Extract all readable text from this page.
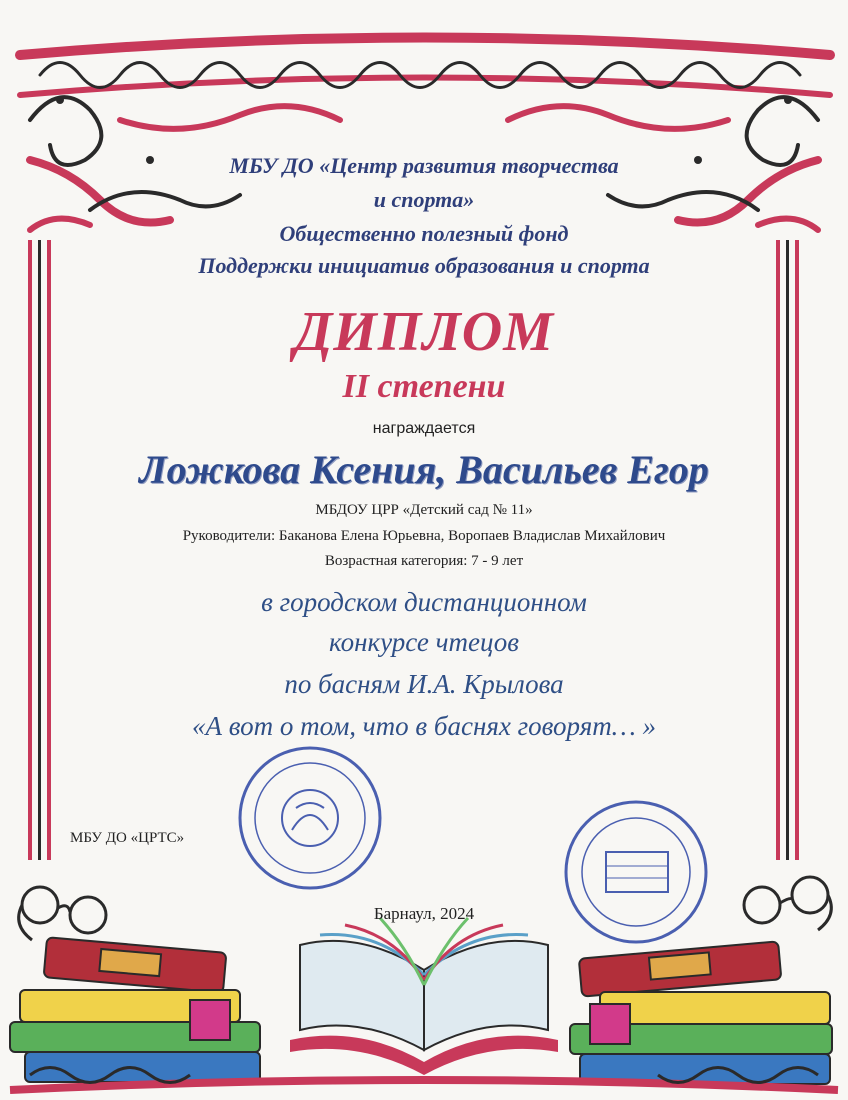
МБУ ДО «Центр развития творчества
и спорта»
Общественно полезный фонд
Поддержки инициатив образования и спорта
ДИПЛОМ
II степени
награждается
Ложкова Ксения, Васильев Егор
МБДОУ ЦРР «Детский сад № 11»
Руководители: Баканова Елена Юрьевна, Воропаев Владислав Михайлович
Возрастная категория: 7 - 9 лет
в городском дистанционном
конкурсе чтецов
по басням И.А. Крылова
«А вот о том, что в баснях говорят… »
МБУ ДО «ЦРТС»
Барнаул, 2024
